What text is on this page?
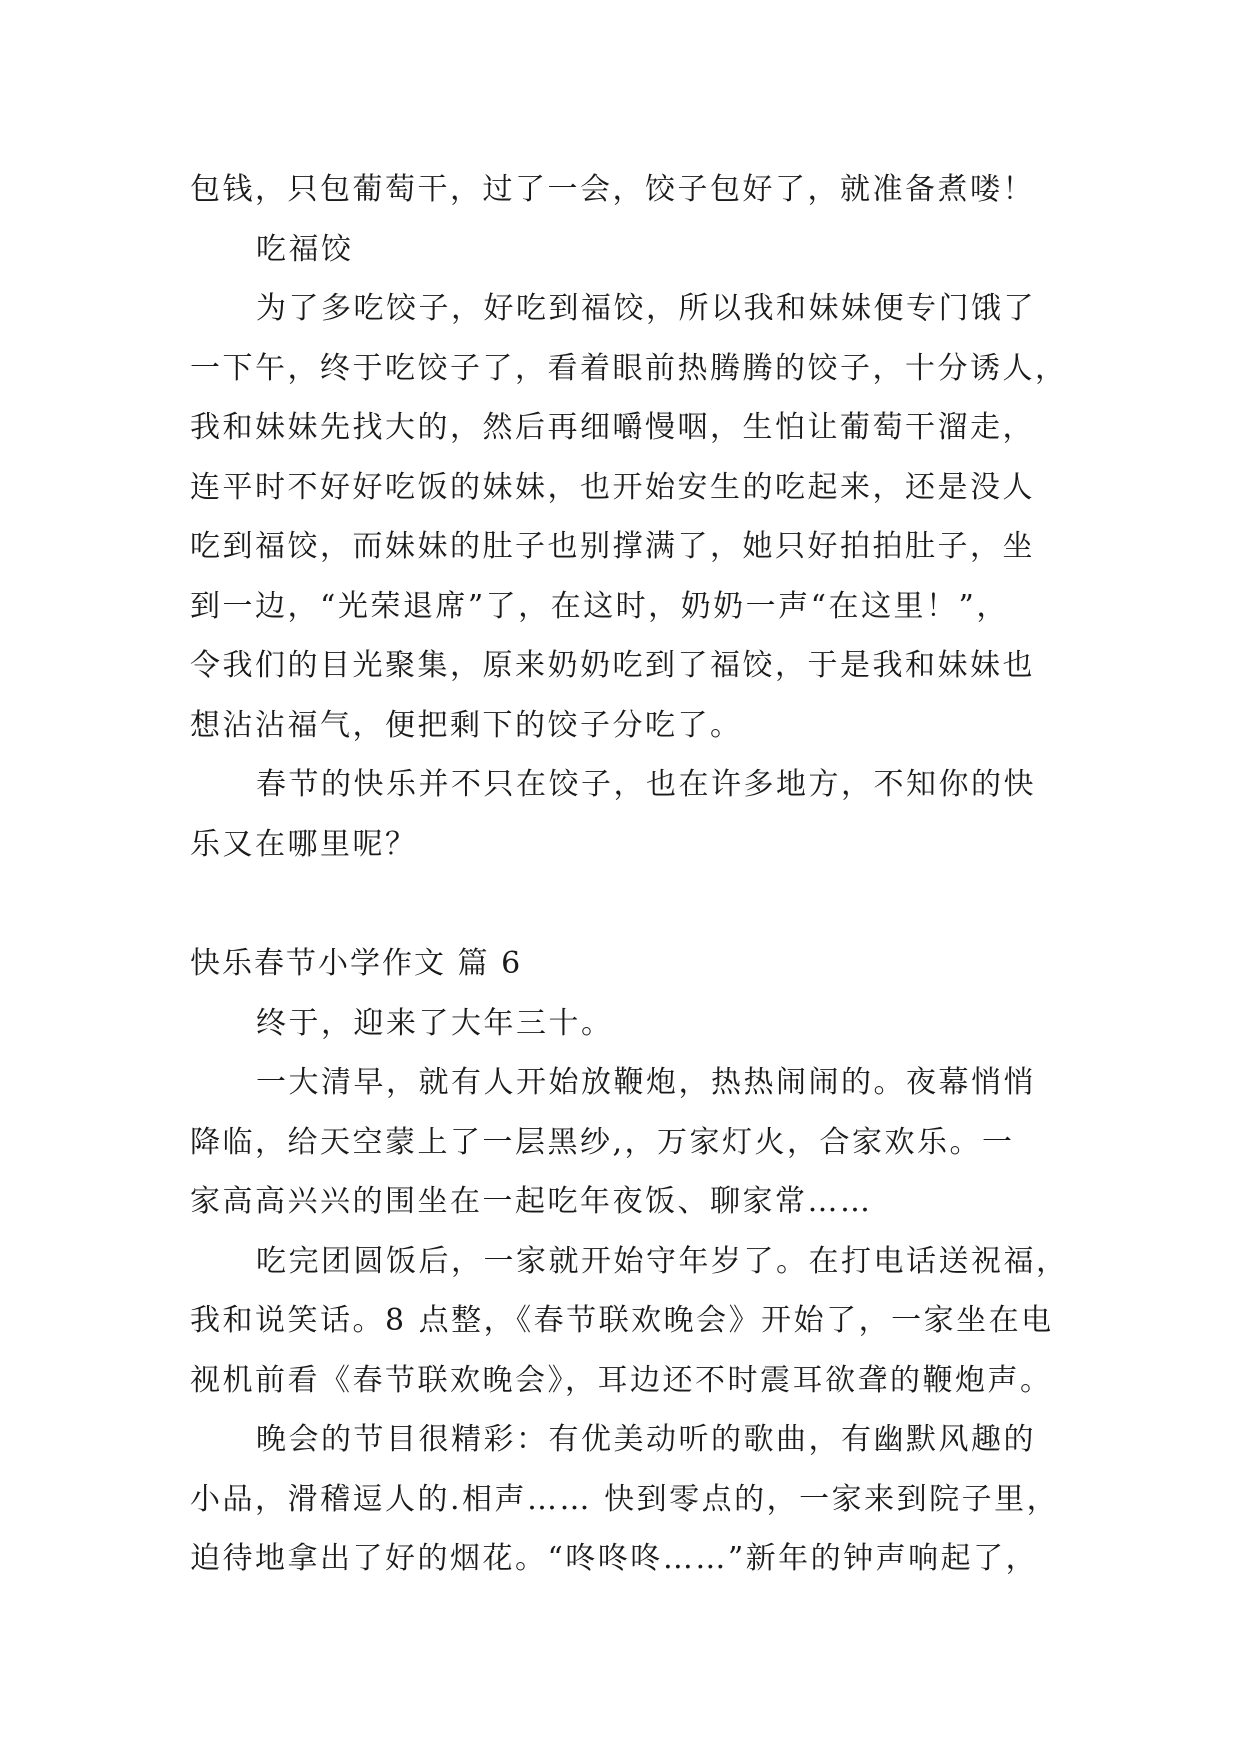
包钱，只包葡萄干，过了一会，饺子包好了，就准备煮喽！
吃福饺
为了多吃饺子，好吃到福饺，所以我和妹妹便专门饿了
一下午，终于吃饺子了，看着眼前热腾腾的饺子，十分诱人，
我和妹妹先找大的，然后再细嚼慢咽，生怕让葡萄干溜走，
连平时不好好吃饭的妹妹，也开始安生的吃起来，还是没人
吃到福饺，而妹妹的肚子也别撑满了，她只好拍拍肚子，坐
到一边，“光荣退席”了，在这时，奶奶一声“在这里！”，
令我们的目光聚集，原来奶奶吃到了福饺，于是我和妹妹也
想沾沾福气，便把剩下的饺子分吃了。
春节的快乐并不只在饺子，也在许多地方，不知你的快
乐又在哪里呢？
快乐春节小学作文 篇 6
终于，迎来了大年三十。
一大清早，就有人开始放鞭炮，热热闹闹的。夜幕悄悄
降临，给天空蒙上了一层黑纱,，万家灯火，合家欢乐。一
家高高兴兴的围坐在一起吃年夜饭、聊家常……
吃完团圆饭后，一家就开始守年岁了。在打电话送祝福，
我和说笑话。8 点整，《春节联欢晚会》开始了，一家坐在电
视机前看《春节联欢晚会》，耳边还不时震耳欲聋的鞭炮声。
晚会的节目很精彩：有优美动听的歌曲，有幽默风趣的
小品，滑稽逗人的.相声…… 快到零点的，一家来到院子里，
迫待地拿出了好的烟花。“咚咚咚……”新年的钟声响起了，
